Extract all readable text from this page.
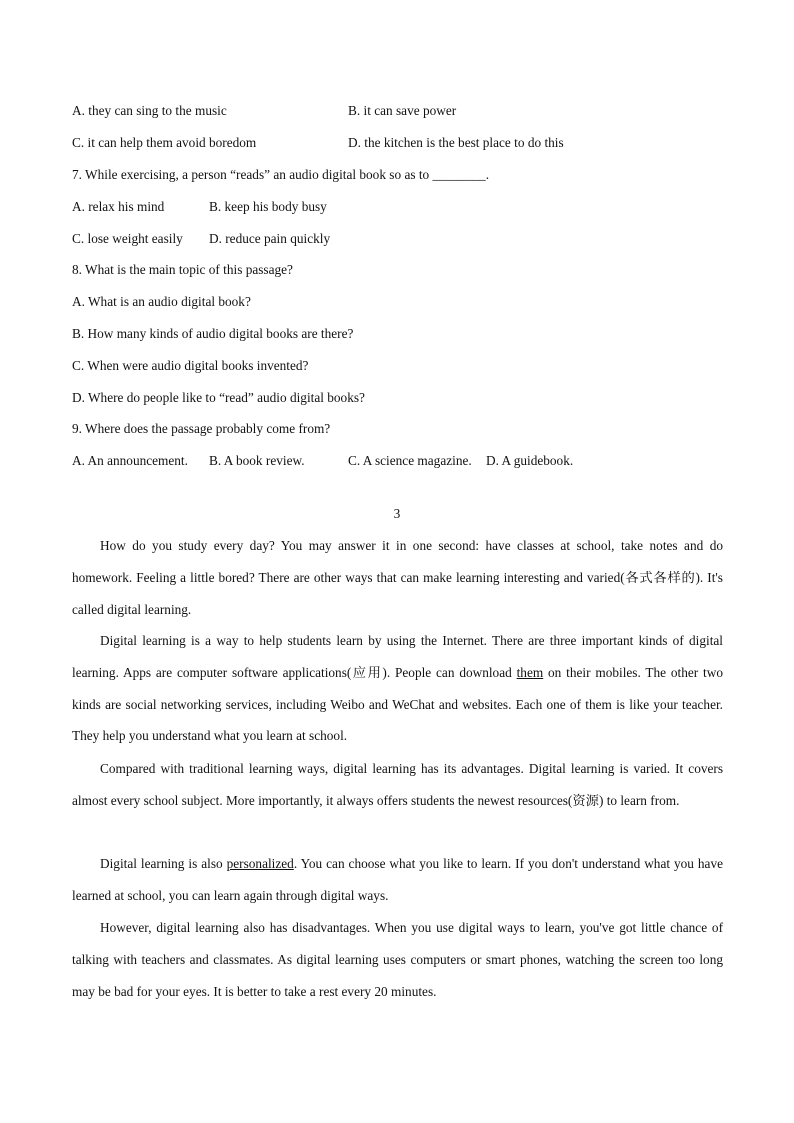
A. they can sing to the music	B. it can save power
C. it can help them avoid boredom	D. the kitchen is the best place to do this
7. While exercising, a person “reads” an audio digital book so as to ________.
A. relax his mind	B. keep his body busy
C. lose weight easily D. reduce pain quickly
8. What is the main topic of this passage?
A. What is an audio digital book?
B. How many kinds of audio digital books are there?
C. When were audio digital books invented?
D. Where do people like to “read” audio digital books?
9. Where does the passage probably come from?
A. An announcement. B. A book review.	C. A science magazine. D. A guidebook.
3
How do you study every day? You may answer it in one second: have classes at school, take notes and do homework. Feeling a little bored? There are other ways that can make learning interesting and varied(各式各样的). It's called digital learning.
Digital learning is a way to help students learn by using the Internet. There are three important kinds of digital learning. Apps are computer software applications(应用). People can download them on their mobiles. The other two kinds are social networking services, including Weibo and WeChat and websites. Each one of them is like your teacher. They help you understand what you learn at school.
Compared with traditional learning ways, digital learning has its advantages. Digital learning is varied. It covers almost every school subject. More importantly, it always offers students the newest resources(资源) to learn from.
Digital learning is also personalized. You can choose what you like to learn. If you don't understand what you have learned at school, you can learn again through digital ways.
However, digital learning also has disadvantages. When you use digital ways to learn, you've got little chance of talking with teachers and classmates. As digital learning uses computers or smart phones, watching the screen too long may be bad for your eyes. It is better to take a rest every 20 minutes.
